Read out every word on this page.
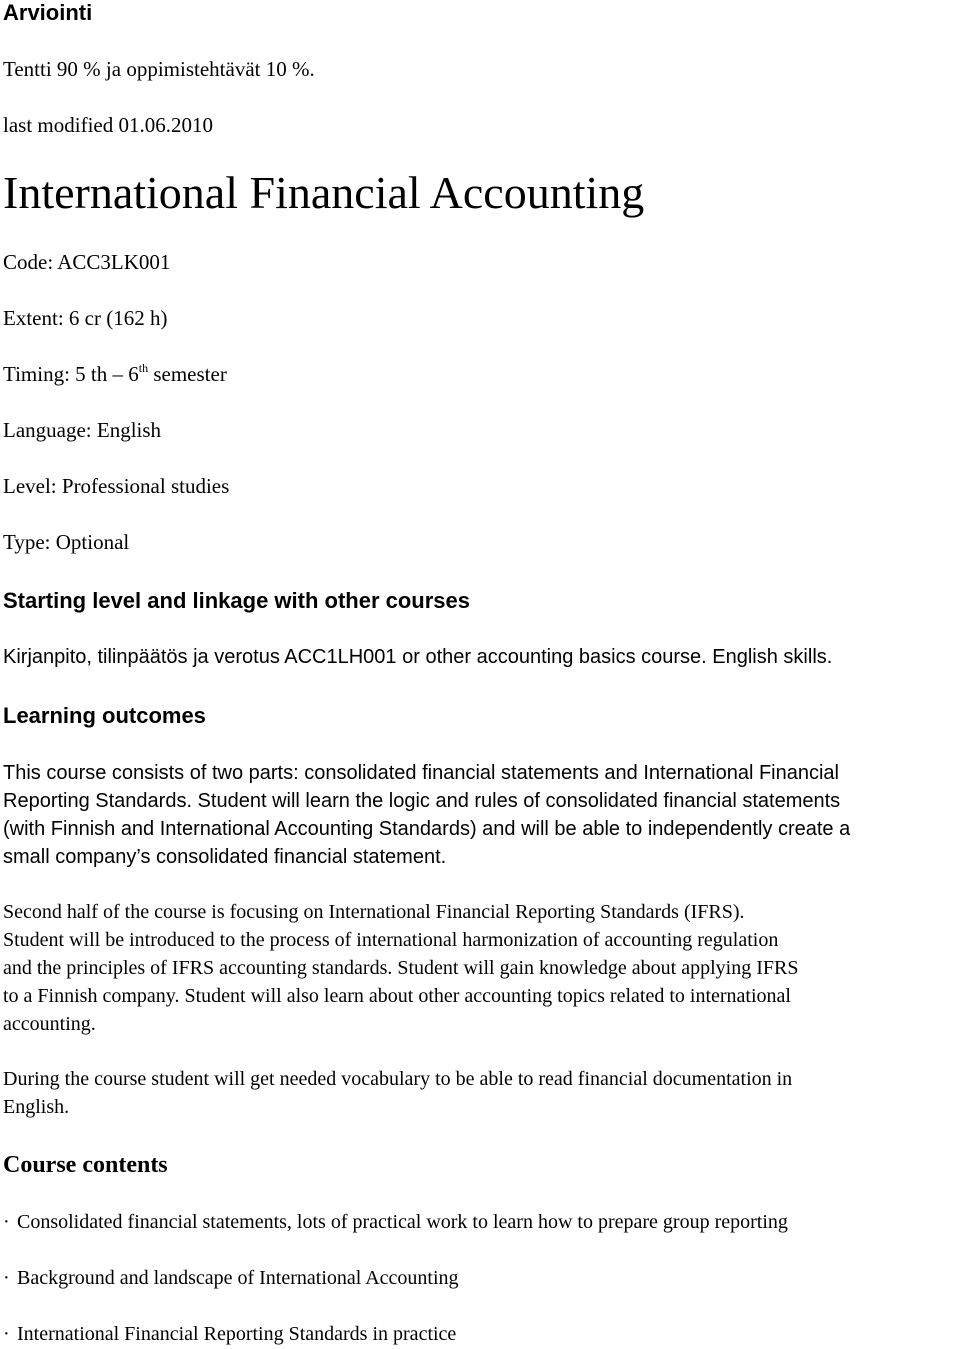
Arviointi
Tentti 90 % ja oppimistehtävät 10 %.
last modified 01.06.2010
International Financial Accounting
Code: ACC3LK001
Extent: 6 cr (162 h)
Timing: 5 th – 6th semester
Language: English
Level: Professional studies
Type: Optional
Starting level and linkage with other courses
Kirjanpito, tilinpäätös ja verotus ACC1LH001 or other accounting basics course. English skills.
Learning outcomes
This course consists of two parts: consolidated financial statements and International Financial
Reporting Standards. Student will learn the logic and rules of consolidated financial statements
(with Finnish and International Accounting Standards) and will be able to independently create a
small company’s consolidated financial statement.
Second half of the course is focusing on International Financial Reporting Standards (IFRS).
Student will be introduced to the process of international harmonization of accounting regulation
and the principles of IFRS accounting standards. Student will gain knowledge about applying IFRS
to a Finnish company. Student will also learn about other accounting topics related to international
accounting.
During the course student will get needed vocabulary to be able to read financial documentation in
English.
Course contents
· Consolidated financial statements, lots of practical work to learn how to prepare group reporting
· Background and landscape of International Accounting
· International Financial Reporting Standards in practice
